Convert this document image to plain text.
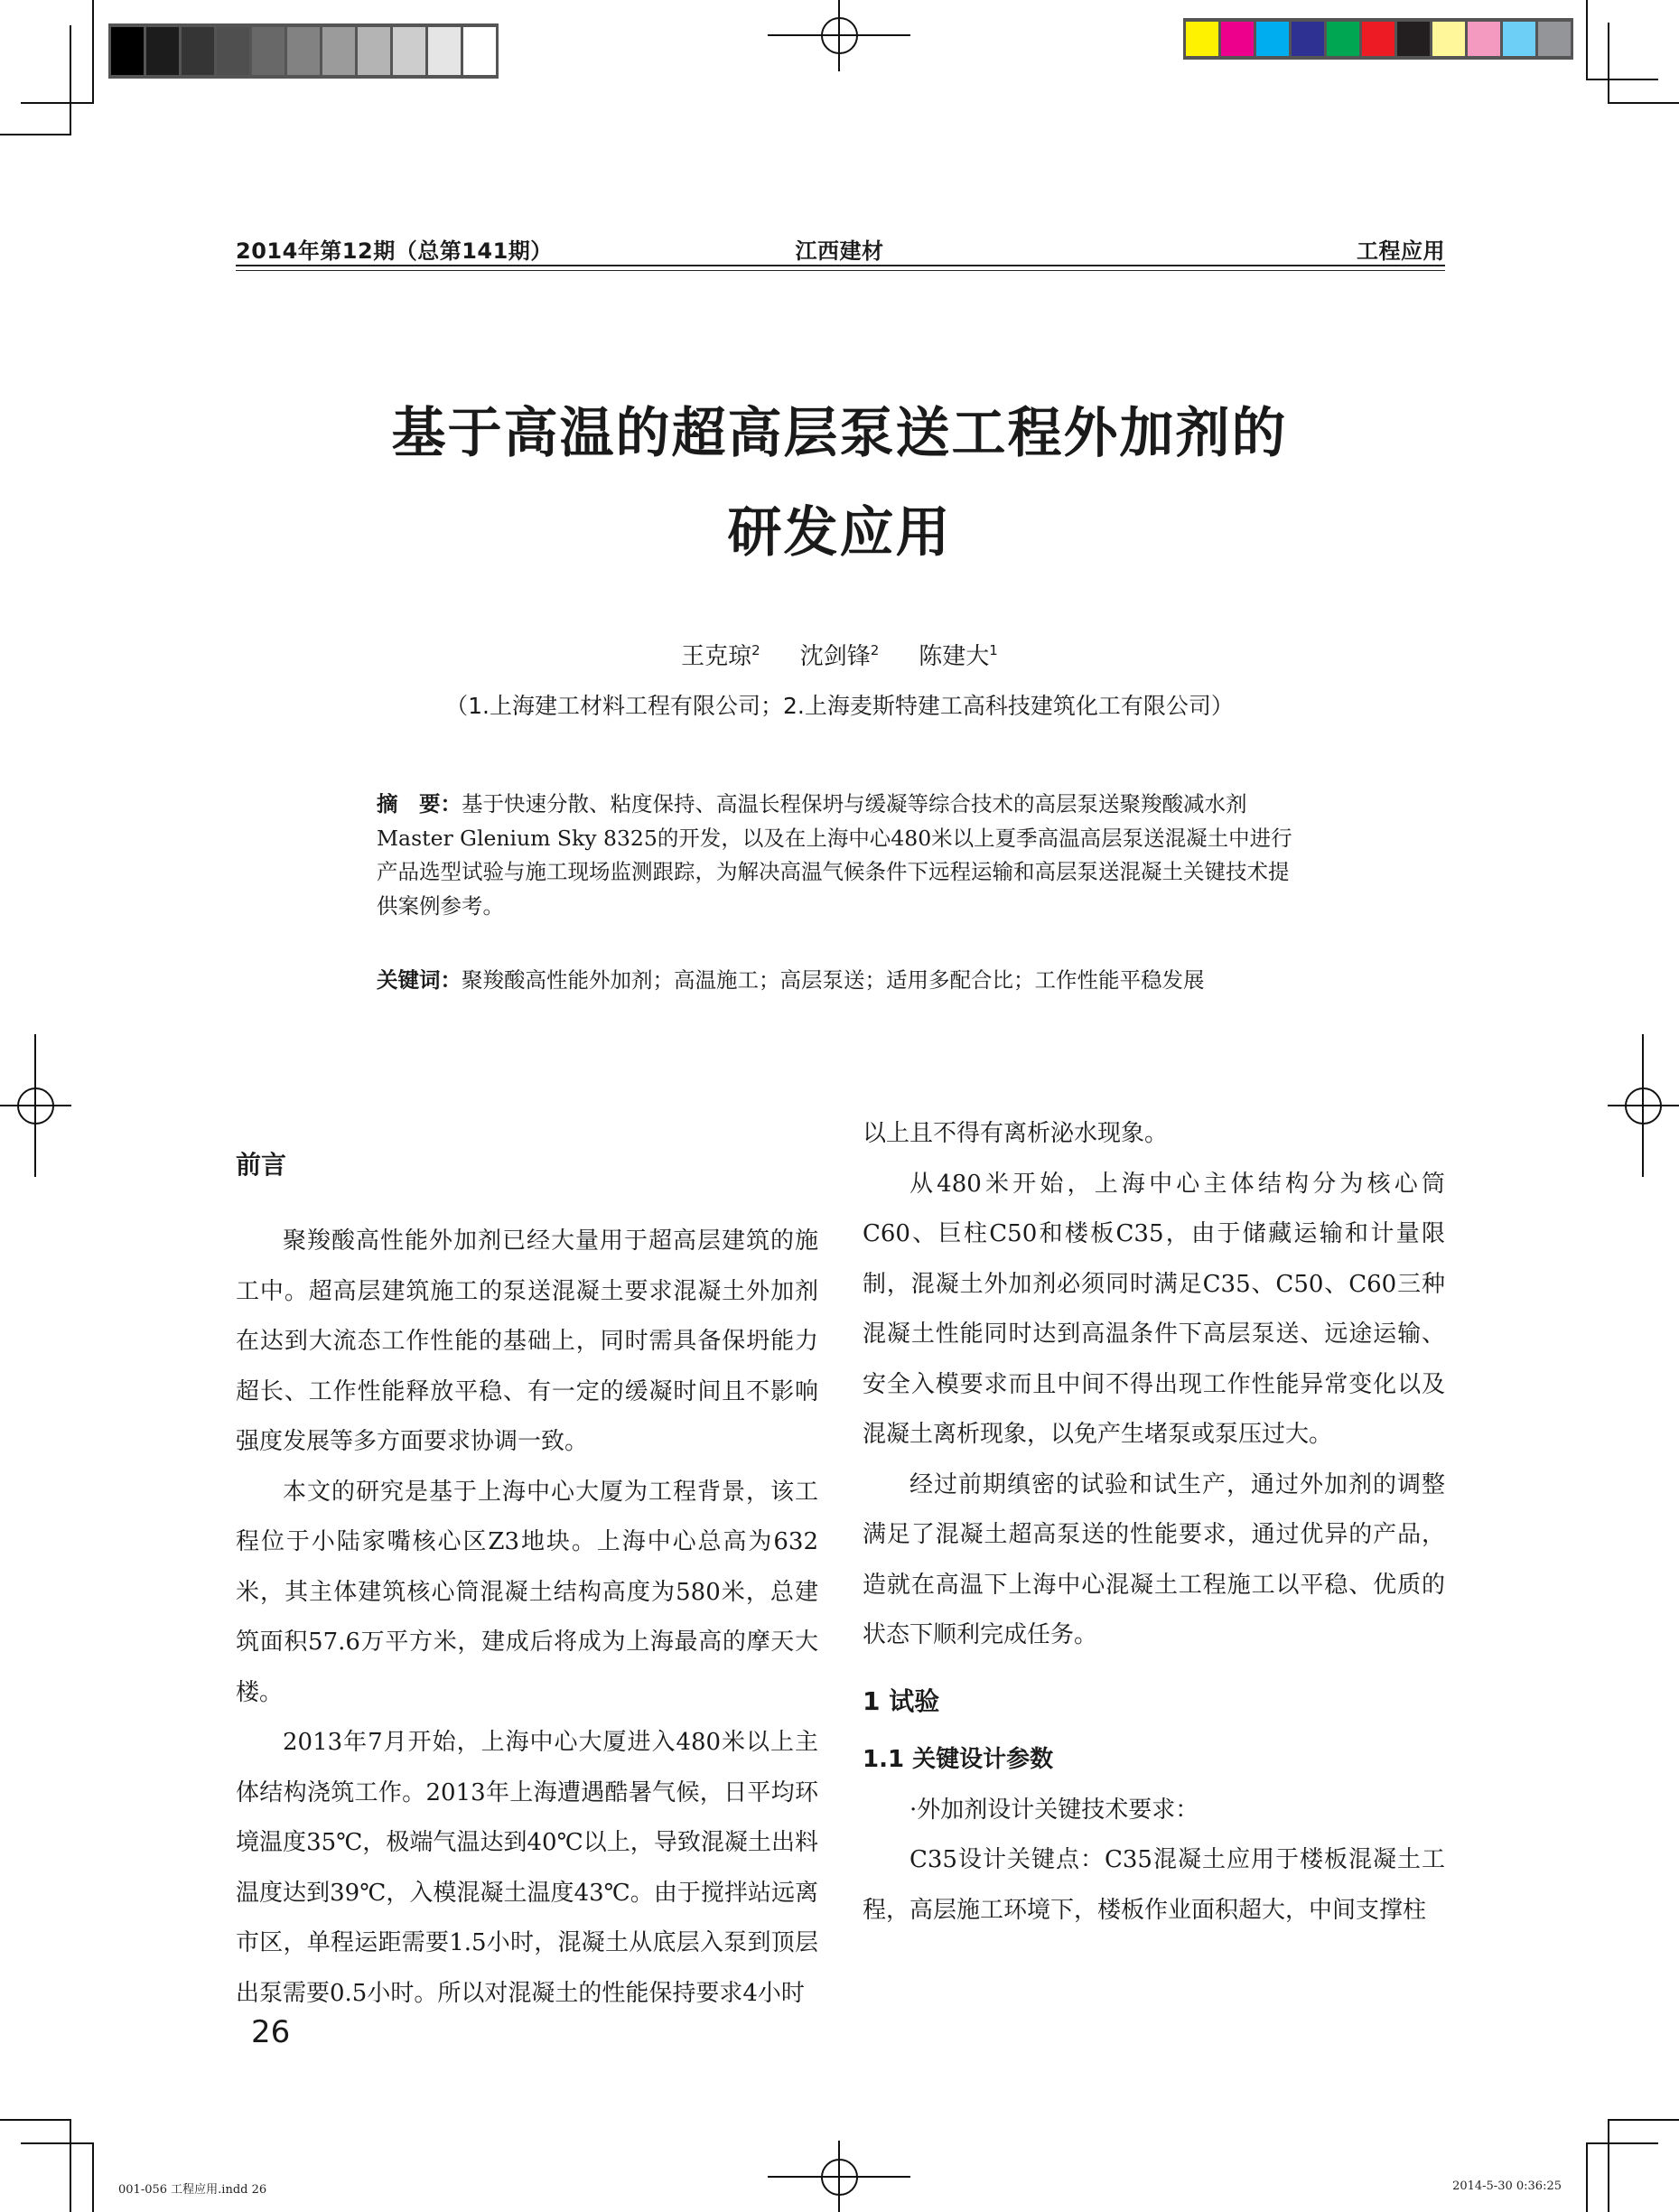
2014年第12期（总第141期）	江西建材	工程应用
基于高温的超高层泵送工程外加剂的
研发应用
王克琼$^2$ 沈剑锋$^2$ 陈建大$^1$
（1.上海建工材料工程有限公司；2.上海麦斯特建工高科技建筑化工有限公司）
摘　要：基于快速分散、粘度保持、高温长程保坍与缓凝等综合技术的高层泵送聚羧酸减水剂Master Glenium Sky 8325的开发，以及在上海中心480米以上夏季高温高层泵送混凝土中进行产品选型试验与施工现场监测跟踪，为解决高温气候条件下远程运输和高层泵送混凝土关键技术提供案例参考。
关键词：聚羧酸高性能外加剂；高温施工；高层泵送；适用多配合比；工作性能平稳发展
前言

聚羧酸高性能外加剂已经大量用于超高层建筑的施工中。超高层建筑施工的泵送混凝土要求混凝土外加剂在达到大流态工作性能的基础上，同时需具备保坍能力超长、工作性能释放平稳、有一定的缓凝时间且不影响强度发展等多方面要求协调一致。

本文的研究是基于上海中心大厦为工程背景，该工程位于小陆家嘴核心区Z3地块。上海中心总高为632米，其主体建筑核心筒混凝土结构高度为580米，总建筑面积57.6万平方米，建成后将成为上海最高的摩天大楼。

2013年7月开始，上海中心大厦进入480米以上主体结构浇筑工作。2013年上海遭遇酷暑气候，日平均环境温度35℃，极端气温达到40℃以上，导致混凝土出料温度达到39℃，入模混凝土温度43℃。由于搅拌站远离市区，单程运距需要1.5小时，混凝土从底层入泵到顶层出泵需要0.5小时。所以对混凝土的性能保持要求4小时

以上且不得有离析泌水现象。

从480米开始，上海中心主体结构分为核心筒C60、巨柱C50和楼板C35，由于储藏运输和计量限制，混凝土外加剂必须同时满足C35、C50、C60三种混凝土性能同时达到高温条件下高层泵送、远途运输、安全入模要求而且中间不得出现工作性能异常变化以及混凝土离析现象，以免产生堵泵或泵压过大。

经过前期缜密的试验和试生产，通过外加剂的调整满足了混凝土超高泵送的性能要求，通过优异的产品，造就在高温下上海中心混凝土工程施工以平稳、优质的状态下顺利完成任务。

1 试验
1.1 关键设计参数

·外加剂设计关键技术要求：

C35设计关键点：C35混凝土应用于楼板混凝土工程，高层施工环境下，楼板作业面积超大，中间支撑柱

26
001-056 工程应用.indd 26	2014-5-30 0:36:25
